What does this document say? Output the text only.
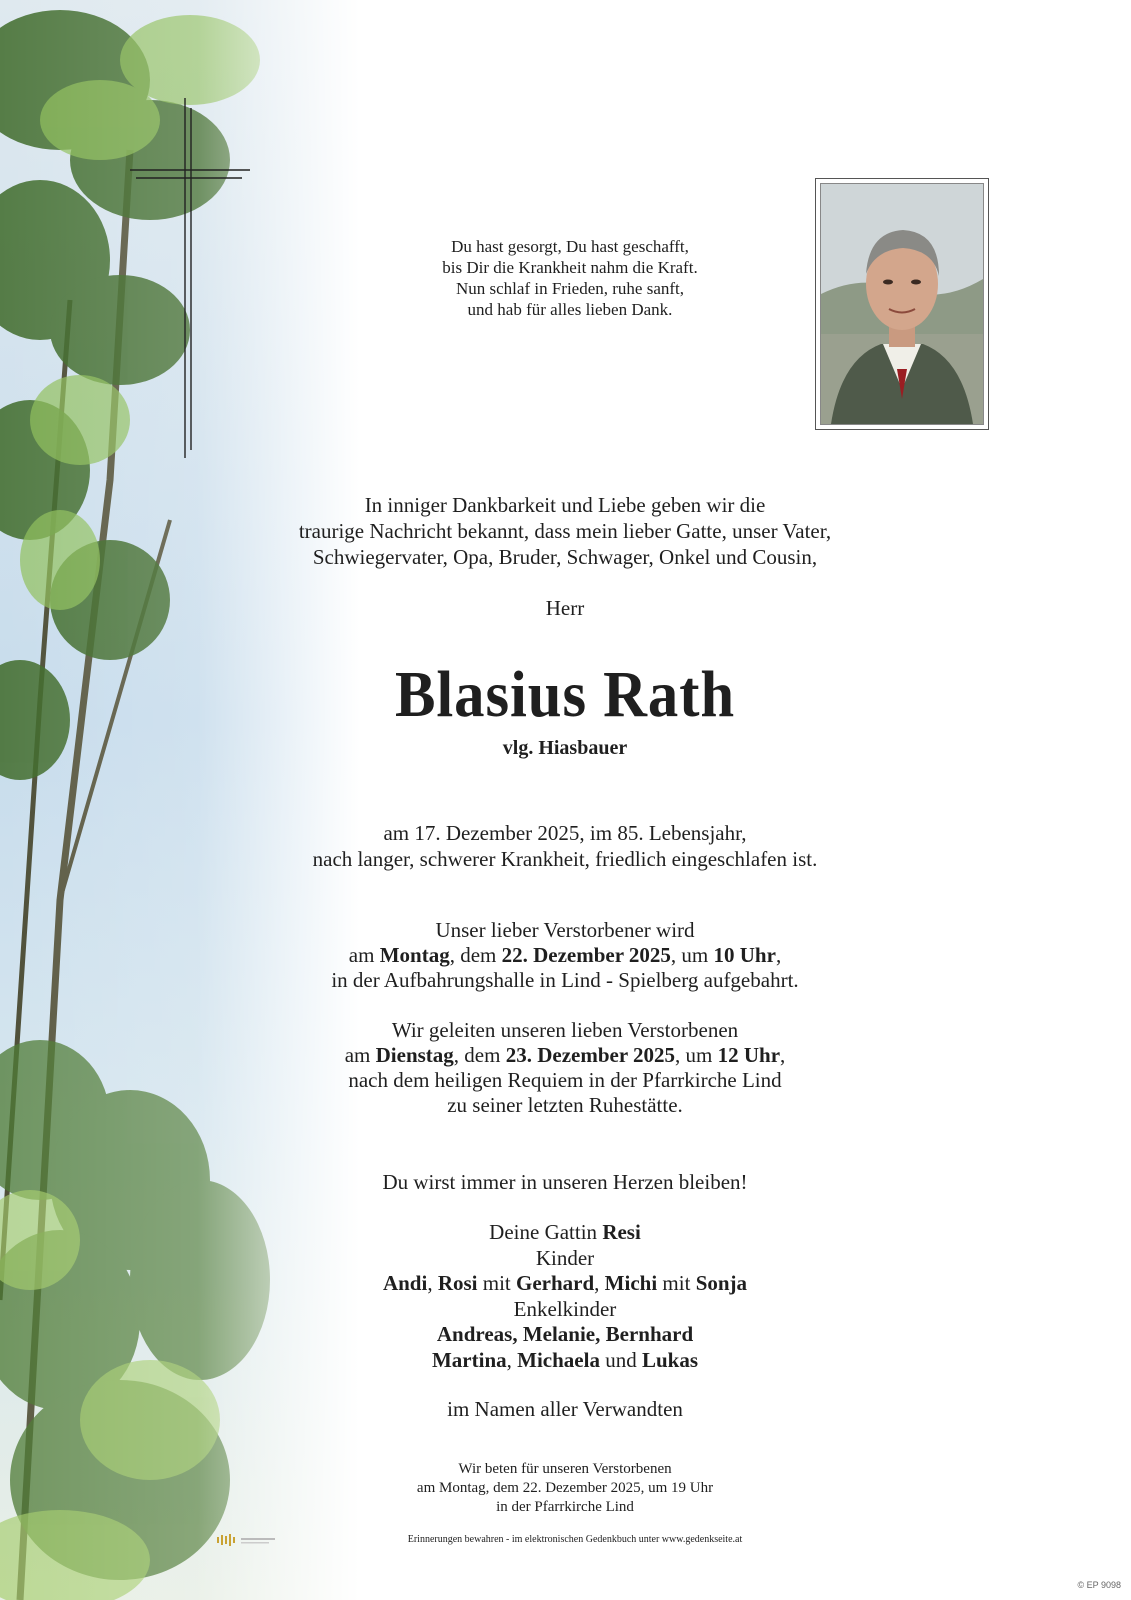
Du hast gesorgt, Du hast geschafft,
bis Dir die Krankheit nahm die Kraft.
Nun schlaf in Frieden, ruhe sanft,
und hab für alles lieben Dank.
In inniger Dankbarkeit und Liebe geben wir die
traurige Nachricht bekannt, dass mein lieber Gatte, unser Vater,
Schwiegervater, Opa, Bruder, Schwager, Onkel und Cousin,
Herr
Blasius Rath
vlg. Hiasbauer
am 17. Dezember 2025, im 85. Lebensjahr,
nach langer, schwerer Krankheit, friedlich eingeschlafen ist.
Unser lieber Verstorbener wird
am Montag, dem 22. Dezember 2025, um 10 Uhr,
in der Aufbahrungshalle in Lind - Spielberg aufgebahrt.
Wir geleiten unseren lieben Verstorbenen
am Dienstag, dem 23. Dezember 2025, um 12 Uhr,
nach dem heiligen Requiem in der Pfarrkirche Lind
zu seiner letzten Ruhestätte.
Du wirst immer in unseren Herzen bleiben!
Deine Gattin Resi
Kinder
Andi, Rosi mit Gerhard, Michi mit Sonja
Enkelkinder
Andreas, Melanie, Bernhard
Martina, Michaela und Lukas
im Namen aller Verwandten
Wir beten für unseren Verstorbenen
am Montag, dem 22. Dezember 2025, um 19 Uhr
in der Pfarrkirche Lind
Erinnerungen bewahren - im elektronischen Gedenkbuch unter www.gedenkseite.at
© EP 9098
